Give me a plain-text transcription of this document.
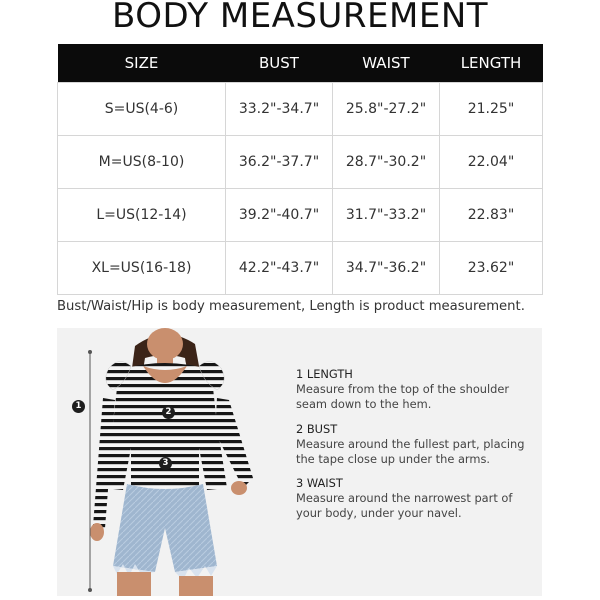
BODY MEASUREMENT
SIZE	BUST	WAIST	LENGTH
S=US(4-6)	33.2"-34.7"	25.8"-27.2"	21.25"
M=US(8-10)	36.2"-37.7"	28.7"-30.2"	22.04"
L=US(12-14)	39.2"-40.7"	31.7"-33.2"	22.83"
XL=US(16-18)	42.2"-43.7"	34.7"-36.2"	23.62"
Bust/Waist/Hip is body measurement, Length is product measurement.
1
2
3
1 LENGTH
Measure from the top of the shoulder
seam down to the hem.
2 BUST
Measure around the fullest part, placing
the tape close up under the arms.
3 WAIST
Measure around the narrowest part of
your body, under your navel.
